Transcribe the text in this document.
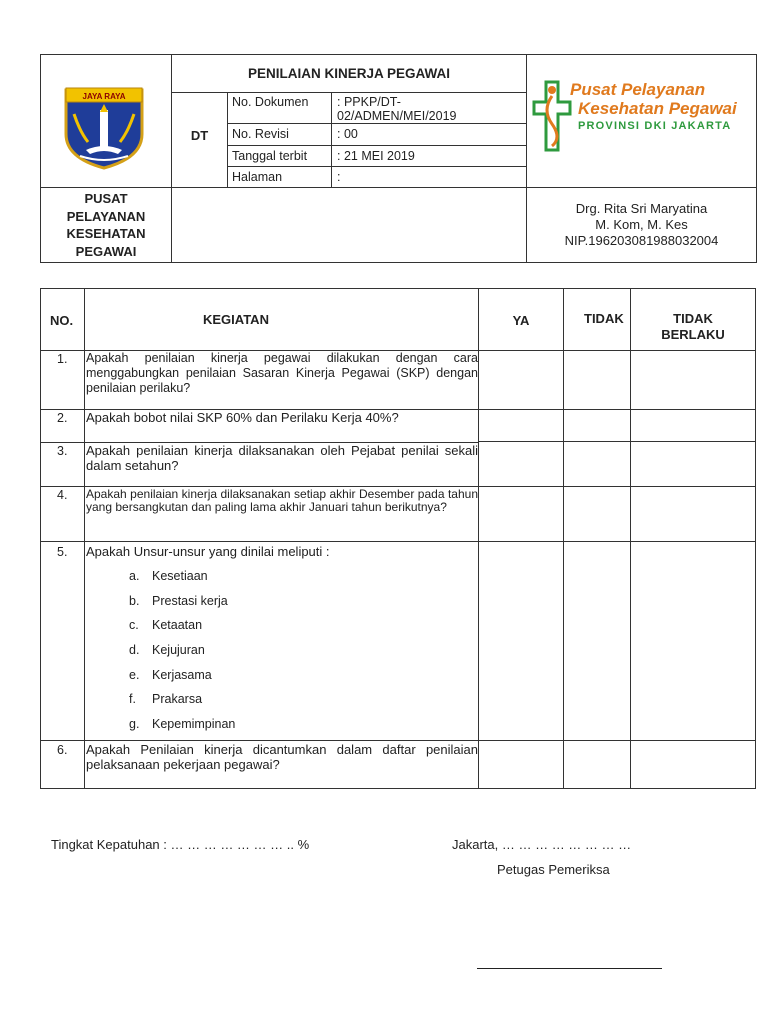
JAYA RAYA
PENILAIAN KINERJA PEGAWAI
DT
No. Dokumen : PPKP/DT-
02/ADMEN/MEI/2019
No. Revisi	: 00
Tanggal terbit : 21 MEI 2019
Halaman	:
Pusat Pelayanan
Kesehatan Pegawai
PROVINSI DKI JAKARTA
PUSAT
PELAYANAN
KESEHATAN
PEGAWAI
Drg. Rita Sri Maryatina
M. Kom, M. Kes
NIP.196203081988032004
NO.	KEGIATAN	YA	TIDAK	TIDAK
BERLAKU
1. Apakah penilaian kinerja pegawai dilakukan dengan cara menggabungkan penilaian Sasaran Kinerja Pegawai (SKP) dengan penilaian perilaku?
2. Apakah bobot nilai SKP 60% dan Perilaku Kerja 40%?
3. Apakah penilaian kinerja dilaksanakan oleh Pejabat penilai sekali dalam setahun?
4. Apakah penilaian kinerja dilaksanakan setiap akhir Desember pada tahun yang bersangkutan dan paling lama akhir Januari tahun berikutnya?
5. Apakah Unsur-unsur yang dinilai meliputi :
a. Kesetiaan
b. Prestasi kerja
c. Ketaatan
d. Kejujuran
e. Kerjasama
f. Prakarsa
g. Kepemimpinan
6. Apakah Penilaian kinerja dicantumkan dalam daftar penilaian pelaksanaan pekerjaan pegawai?
Tingkat Kepatuhan : … … … … … … … .. %	Jakarta, … … … … … … … …
Petugas Pemeriksa
